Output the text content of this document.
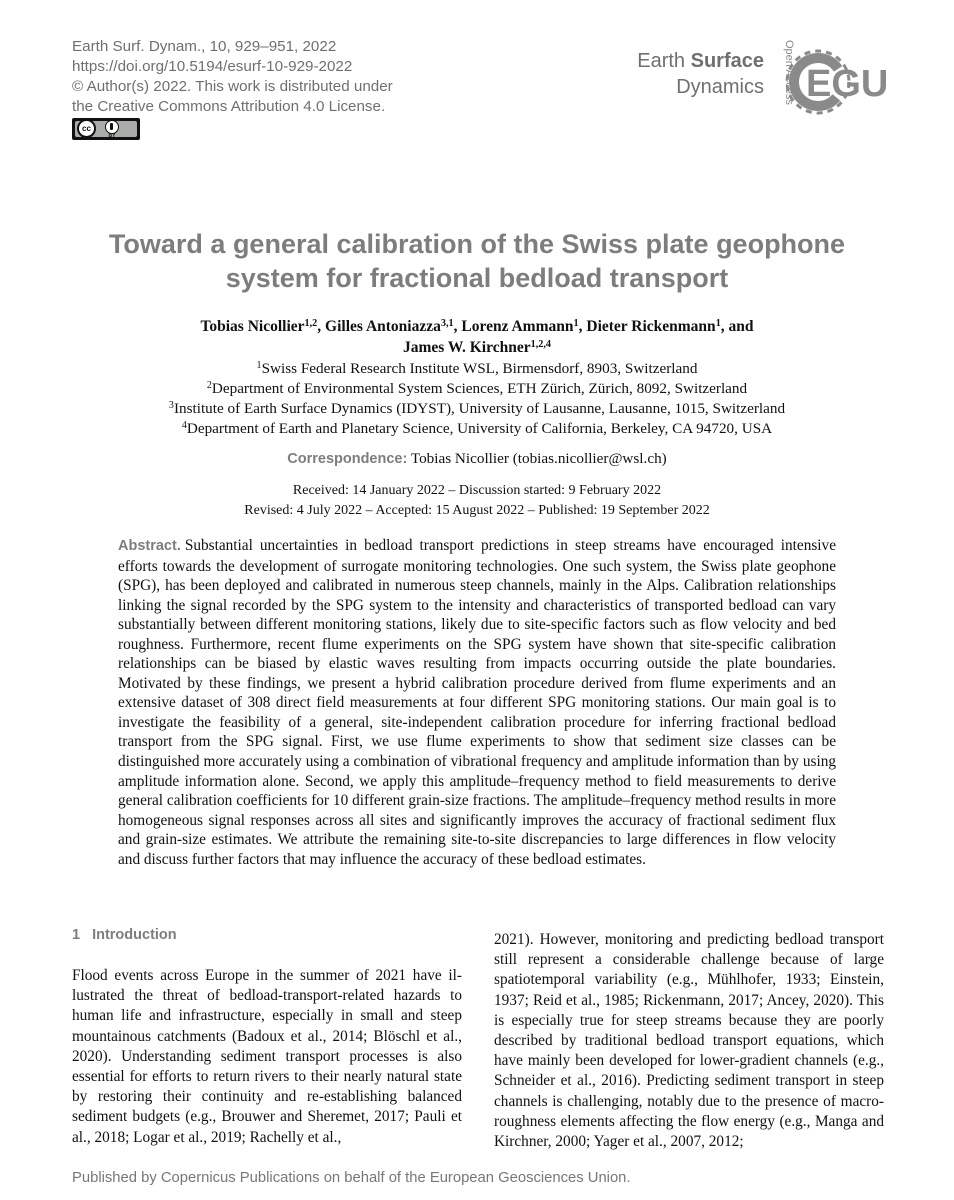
Earth Surf. Dynam., 10, 929–951, 2022
https://doi.org/10.5194/esurf-10-929-2022
© Author(s) 2022. This work is distributed under
the Creative Commons Attribution 4.0 License.
cc
BY
Earth Surface
Dynamics Open Access EGU
Toward a general calibration of the Swiss plate geophone
system for fractional bedload transport
Tobias Nicollier$^{1,2}$, Gilles Antoniazza$^{3,1}$, Lorenz Ammann$^1$, Dieter Rickenmann$^1$, and
James W. Kirchner$^{1,2,4}$
$^1$Swiss Federal Research Institute WSL, Birmensdorf, 8903, Switzerland
$^2$Department of Environmental System Sciences, ETH Zürich, Zürich, 8092, Switzerland
$^3$Institute of Earth Surface Dynamics (IDYST), University of Lausanne, Lausanne, 1015, Switzerland
$^4$Department of Earth and Planetary Science, University of California, Berkeley, CA 94720, USA
Correspondence: Tobias Nicollier (tobias.nicollier@wsl.ch)
Received: 14 January 2022 – Discussion started: 9 February 2022
Revised: 4 July 2022 – Accepted: 15 August 2022 – Published: 19 September 2022
Abstract. Substantial uncertainties in bedload transport predictions in steep streams have encouraged intensive efforts towards the development of surrogate monitoring technologies. One such system, the Swiss plate geophone (SPG), has been deployed and calibrated in numerous steep channels, mainly in the Alps. Calibration relationships linking the signal recorded by the SPG system to the intensity and characteristics of transported bedload can vary substantially between different monitoring stations, likely due to site-specific factors such as flow velocity and bed roughness. Furthermore, recent flume experiments on the SPG system have shown that site-specific calibration relationships can be biased by elastic waves resulting from impacts occurring outside the plate boundaries. Motivated by these findings, we present a hybrid calibration procedure derived from flume experiments and an extensive dataset of 308 direct field measurements at four different SPG monitoring stations. Our main goal is to investigate the feasibility of a general, site-independent calibration procedure for inferring fractional bedload transport from the SPG signal. First, we use flume experiments to show that sediment size classes can be distinguished more accurately using a combination of vibrational frequency and amplitude information than by using amplitude information alone. Second, we apply this amplitude–frequency method to field measurements to derive general calibration coefficients for 10 different grain-size fractions. The amplitude–frequency method results in more homogeneous signal responses across all sites and significantly improves the accuracy of fractional sediment flux and grain-size estimates. We attribute the remaining site-to-site discrepancies to large differences in flow velocity and discuss further factors that may influence the accuracy of these bedload estimates.
1 Introduction
Flood events across Europe in the summer of 2021 have illustrated the threat of bedload-transport-related hazards to human life and infrastructure, especially in small and steep mountainous catchments (Badoux et al., 2014; Blöschl et al., 2020). Understanding sediment transport processes is also essential for efforts to return rivers to their nearly natural state by restoring their continuity and re-establishing balanced sediment budgets (e.g., Brouwer and Sheremet, 2017; Pauli et al., 2018; Logar et al., 2019; Rachelly et al.,
2021). However, monitoring and predicting bedload transport still represent a considerable challenge because of large spatiotemporal variability (e.g., Mühlhofer, 1933; Einstein, 1937; Reid et al., 1985; Rickenmann, 2017; Ancey, 2020). This is especially true for steep streams because they are poorly described by traditional bedload transport equations, which have mainly been developed for lower-gradient channels (e.g., Schneider et al., 2016). Predicting sediment transport in steep channels is challenging, notably due to the presence of macro-roughness elements affecting the flow energy (e.g., Manga and Kirchner, 2000; Yager et al., 2007, 2012;
Published by Copernicus Publications on behalf of the European Geosciences Union.
